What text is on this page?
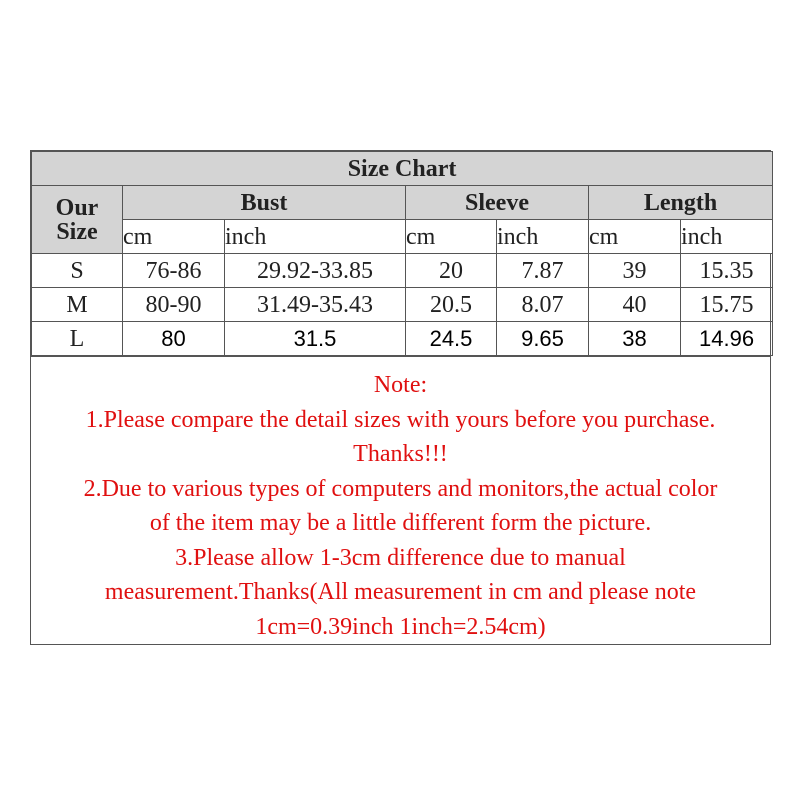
Size Chart						

Our
Size	Bust		Sleeve		Length	
	cm	inch	cm	inch	cm	inch
S	76-86	29.92-33.85	20	7.87	39	15.35
M	80-90	31.49-35.43	20.5	8.07	40	15.75
L	80	31.5	24.5	9.65	38	14.96
Note:
1.Please compare the detail sizes with yours before you purchase.
Thanks!!!
2.Due to various types of computers and monitors,the actual color
of the item may be a little different form the picture.
3.Please allow 1-3cm difference due to manual
measurement.Thanks(All measurement in cm and please note
1cm=0.39inch 1inch=2.54cm)
